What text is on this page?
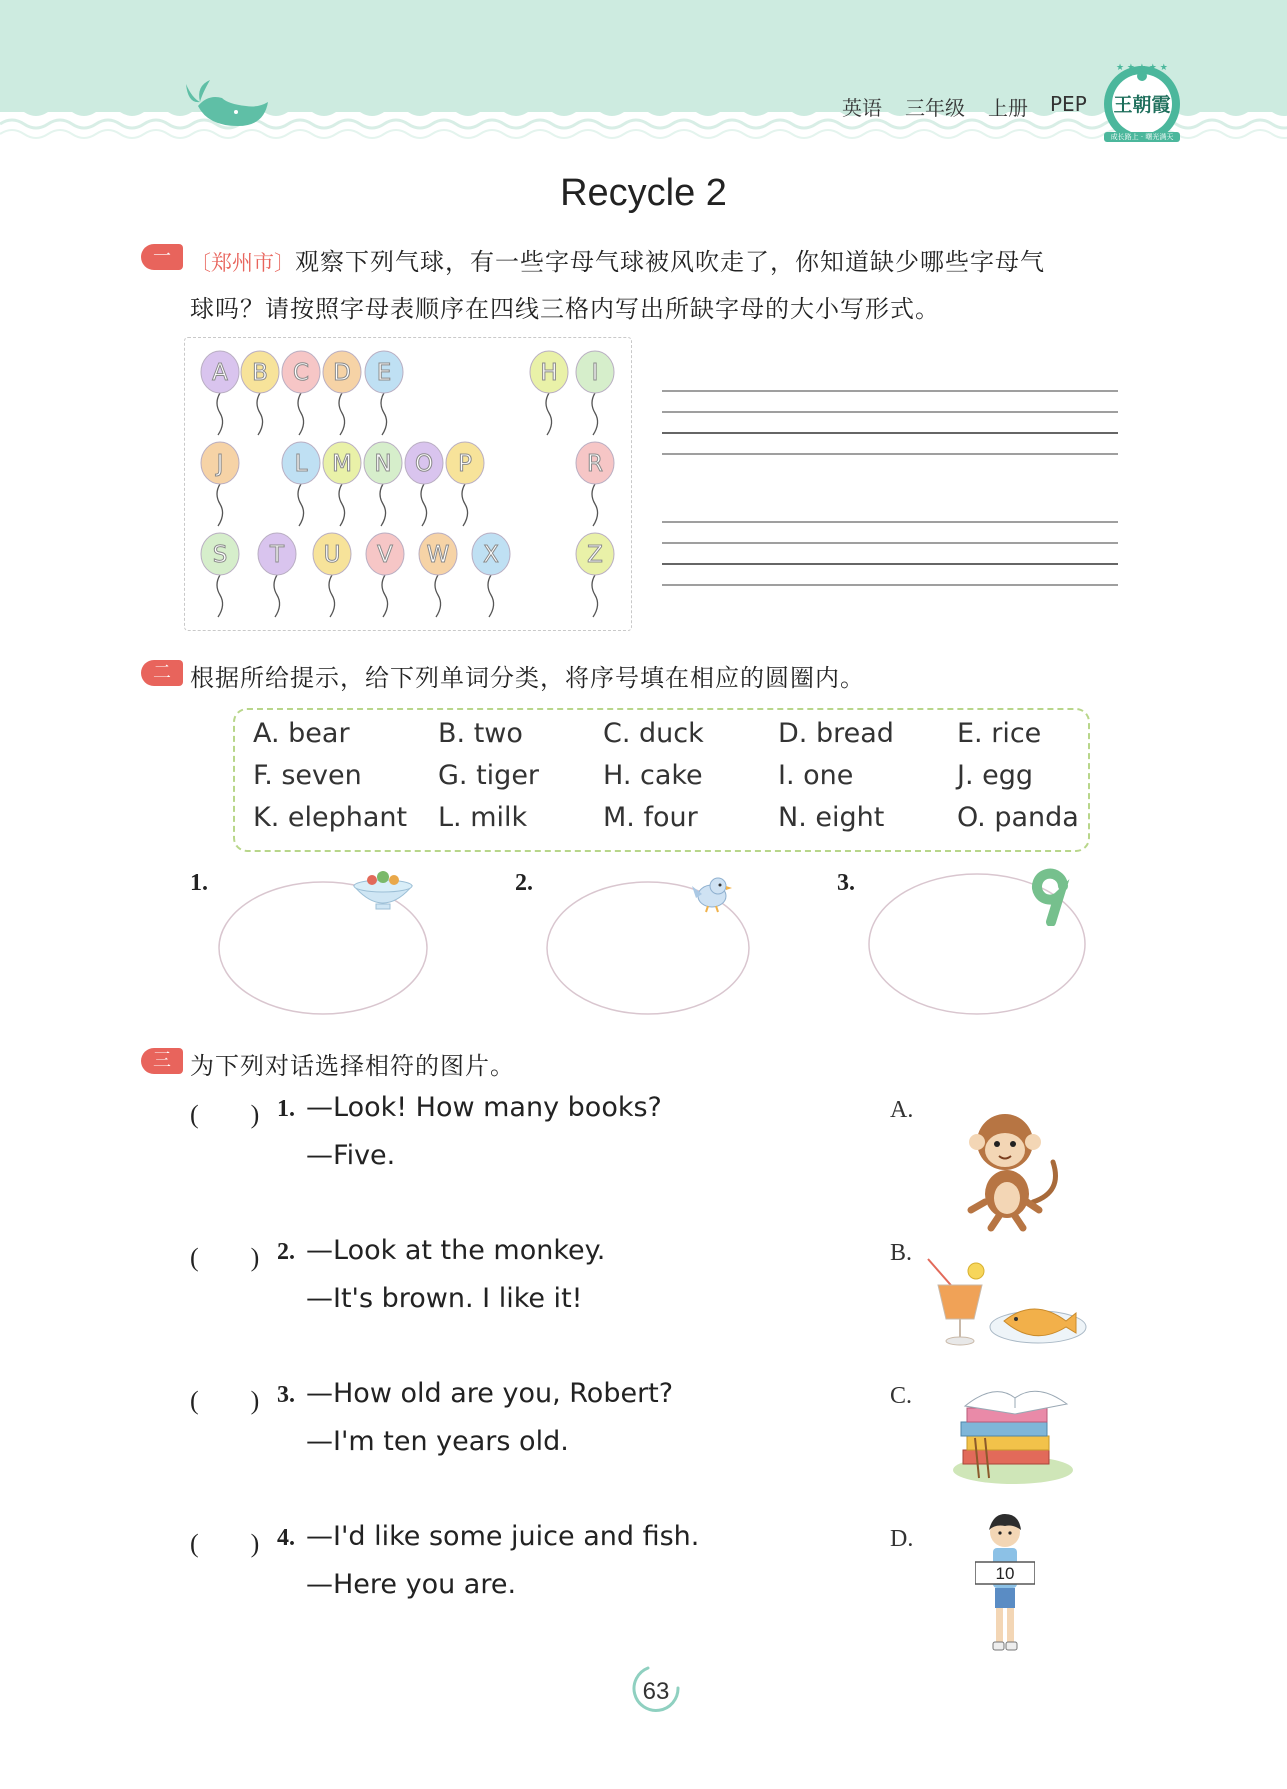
英语 三年级 上册 PEP
★ ★ ★ ★ ★
王朝霞
成长路上 · 曙光满天
Recycle 2
一 〔郑州市〕观察下列气球，有一些字母气球被风吹走了，你知道缺少哪些字母气
球吗？请按照字母表顺序在四线三格内写出所缺字母的大小写形式。
A B C D E	H I
J	L M N O P	R
S T U V W X	Z
二 根据所给提示，给下列单词分类，将序号填在相应的圆圈内。
A. bear	B. two	C. duck	D. bread E. rice
F. seven	G. tiger H. cake	I. one	J. egg
K. elephant L. milk	M. four	N. eight	O. panda
1.	2.	3.
三 为下列对话选择相符的图片。
(　　) 1. —Look! How many books?
—Five.
(　　) 2. —Look at the monkey.
—It's brown. I like it!
(　　) 3. —How old are you, Robert?
—I'm ten years old.
(　　) 4. —I'd like some juice and fish.
—Here you are.
A.
B.
C.
D.
10
63
